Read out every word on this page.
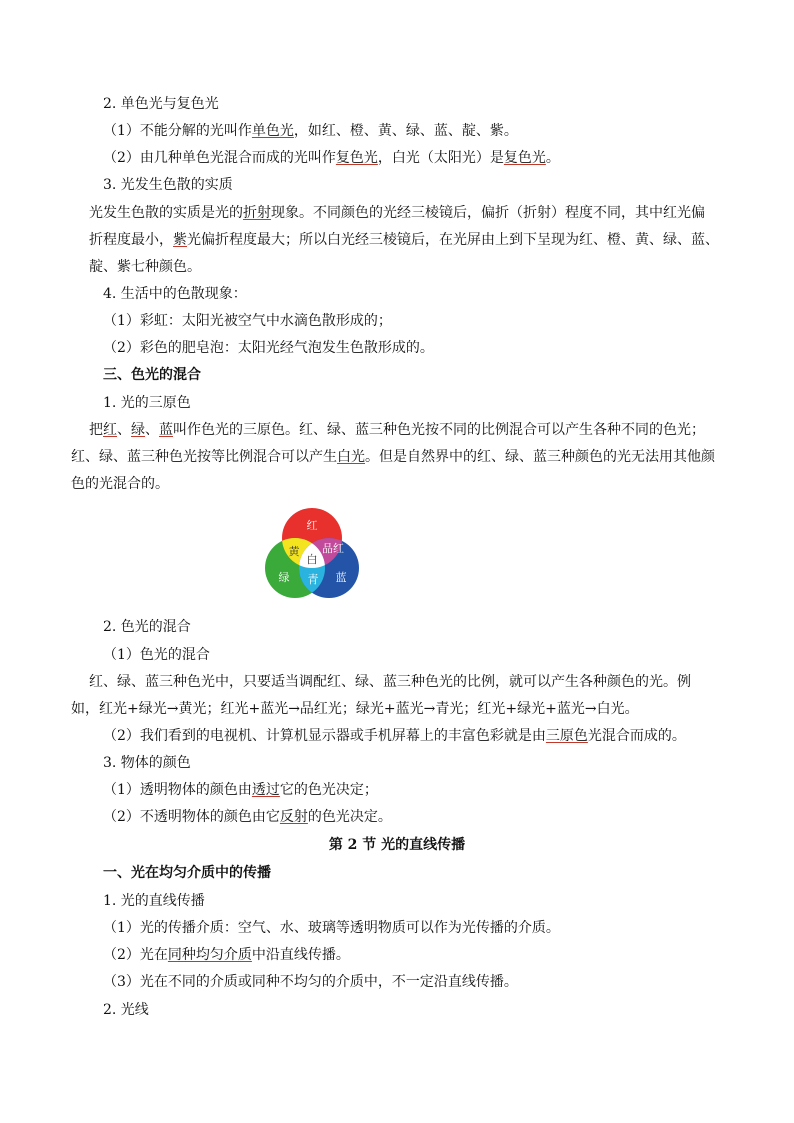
2. 单色光与复色光
（1）不能分解的光叫作单色光，如红、橙、黄、绿、蓝、靛、紫。
（2）由几种单色光混合而成的光叫作复色光，白光（太阳光）是复色光。
3. 光发生色散的实质
光发生色散的实质是光的折射现象。不同颜色的光经三棱镜后，偏折（折射）程度不同，其中红光偏
折程度最小，紫光偏折程度最大；所以白光经三棱镜后，在光屏由上到下呈现为红、橙、黄、绿、蓝、
靛、紫七种颜色。
4. 生活中的色散现象：
（1）彩虹：太阳光被空气中水滴色散形成的；
（2）彩色的肥皂泡：太阳光经气泡发生色散形成的。
三、色光的混合
1. 光的三原色
把红、绿、蓝叫作色光的三原色。红、绿、蓝三种色光按不同的比例混合可以产生各种不同的色光；
红、绿、蓝三种色光按等比例混合可以产生白光。但是自然界中的红、绿、蓝三种颜色的光无法用其他颜
色的光混合的。
红
黄 品红
白
绿 青 蓝
2. 色光的混合
（1）色光的混合
红、绿、蓝三种色光中，只要适当调配红、绿、蓝三种色光的比例，就可以产生各种颜色的光。例
如，红光+绿光→黄光；红光+蓝光→品红光；绿光+蓝光→青光；红光+绿光+蓝光→白光。
（2）我们看到的电视机、计算机显示器或手机屏幕上的丰富色彩就是由三原色光混合而成的。
3. 物体的颜色
（1）透明物体的颜色由透过它的色光决定；
（2）不透明物体的颜色由它反射的色光决定。
第 2 节 光的直线传播
一、光在均匀介质中的传播
1. 光的直线传播
（1）光的传播介质：空气、水、玻璃等透明物质可以作为光传播的介质。
（2）光在同种均匀介质中沿直线传播。
（3）光在不同的介质或同种不均匀的介质中，不一定沿直线传播。
2. 光线
